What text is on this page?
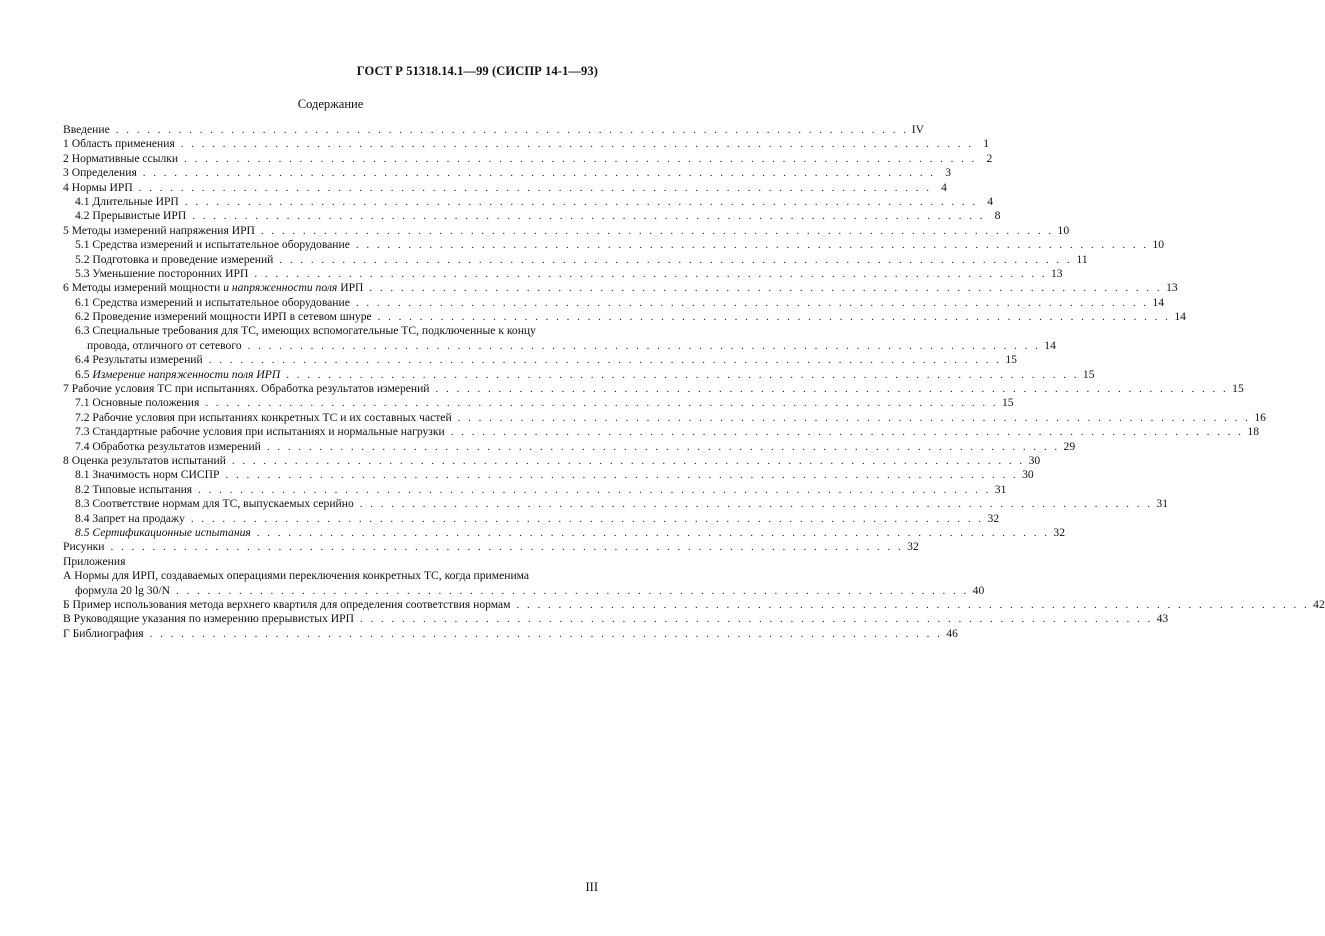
ГОСТ Р 51318.14.1—99 (СИСПР 14-1—93)
Содержание
Введение . . .	IV
1 Область применения . . .	1
2 Нормативные ссылки . . .	2
3 Определения . . .	3
4 Нормы ИРП . . .	4
4.1 Длительные ИРП . . .	4
4.2 Прерывистые ИРП . . .	8
5 Методы измерений напряжения ИРП . . .	10
5.1 Средства измерений и испытательное оборудование . . .	10
5.2 Подготовка и проведение измерений . . .	11
5.3 Уменьшение посторонних ИРП . . .	13
6 Методы измерений мощности и напряженности поля ИРП . . .	13
6.1 Средства измерений и испытательное оборудование . . .	14
6.2 Проведение измерений мощности ИРП в сетевом шнуре . . .	14
6.3 Специальные требования для ТС, имеющих вспомогательные ТС, подключенные к концу
провода, отличного от сетевого . . .	14
6.4 Результаты измерений . . .	15
6.5 Измерение напряженности поля ИРП . . .	15
7 Рабочие условия ТС при испытаниях. Обработка результатов измерений . . .	15
7.1 Основные положения . . .	15
7.2 Рабочие условия при испытаниях конкретных ТС и их составных частей . . .	16
7.3 Стандартные рабочие условия при испытаниях и нормальные нагрузки . . .	18
7.4 Обработка результатов измерений . . .	29
8 Оценка результатов испытаний . . .	30
8.1 Значимость норм СИСПР . . .	30
8.2 Типовые испытания . . .	31
8.3 Соответствие нормам для ТС, выпускаемых серийно . . .	31
8.4 Запрет на продажу . . .	32
8.5 Сертификационные испытания . . .	32
Рисунки . . .	32
Приложения
А Нормы для ИРП, создаваемых операциями переключения конкретных ТС, когда применима
формула 20 lg 30/N . . .	40
Б Пример использования метода верхнего квартиля для определения соответствия нормам . . .	42
В Руководящие указания по измерению прерывистых ИРП . . .	43
Г Библиография . . .	46
III
